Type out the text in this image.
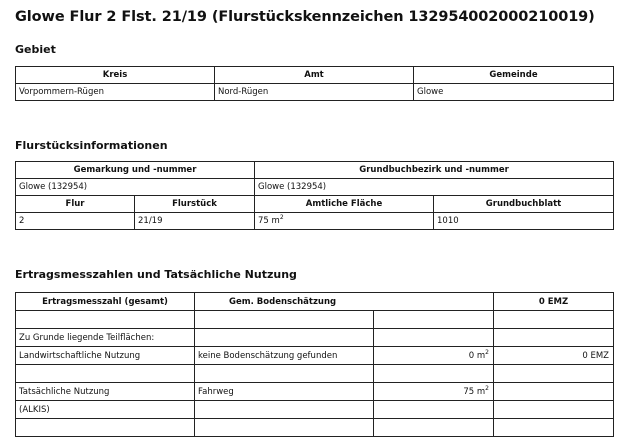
Glowe Flur 2 Flst. 21/19 (Flurstückskennzeichen 132954002000210019)
Gebiet
Kreis	Amt	Gemeinde
Vorpommern-Rügen	Nord-Rügen	Glowe
Flurstücksinformationen
Gemarkung und -nummer		Grundbuchbezirk und -nummer	
Glowe (132954)		Glowe (132954)	
Flur	Flurstück	Amtliche Fläche	Grundbuchblatt
2	21/19	75 $m^2$	1010
Ertragsmesszahlen und Tatsächliche Nutzung
Ertragsmesszahl (gesamt)	Gem. Bodenschätzung		0 EMZ

Zu Grunde liegende Teilflächen:			
Landwirtschaftliche Nutzung	keine Bodenschätzung gefunden	0 $m^2$	0 EMZ

Tatsächliche Nutzung	Fahrweg	75 $m^2$	
(ALKIS)			
